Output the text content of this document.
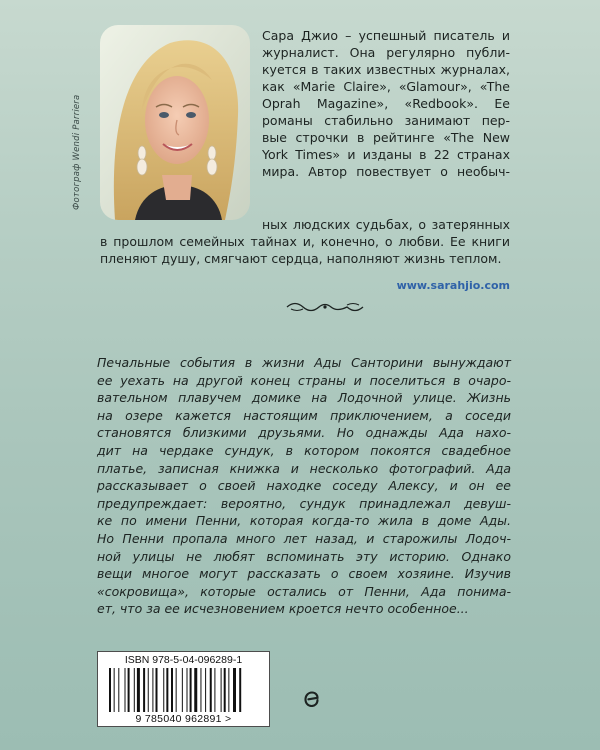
Фотограф Wendi Parriera

Сара Джио – успешный писатель и
журналист. Она регулярно публи-
куется в таких известных журналах,
как «Marie Claire», «Glamour», «The
Oprah Magazine», «Redbook». Ее
романы стабильно занимают пер-
вые строчки в рейтинге «The New
York Times» и изданы в 22 странах
мира. Автор повествует о необыч-

ных людских судьбах, о затерянных
в прошлом семейных тайнах и, конечно, о любви. Ее книги
пленяют душу, смягчают сердца, наполняют жизнь теплом.

www.sarahjio.com

Печальные события в жизни Ады Санторини вынуждают
ее уехать на другой конец страны и поселиться в очаро-
вательном плавучем домике на Лодочной улице. Жизнь
на озере кажется настоящим приключением, а соседи
становятся близкими друзьями. Но однажды Ада нахо-
дит на чердаке сундук, в котором покоятся свадебное
платье, записная книжка и несколько фотографий. Ада
рассказывает о своей находке соседу Алексу, и он ее
предупреждает: вероятно, сундук принадлежал девуш-
ке по имени Пенни, которая когда-то жила в доме Ады.
Но Пенни пропала много лет назад, и старожилы Лодоч-
ной улицы не любят вспоминать эту историю. Однако
вещи многое могут рассказать о своем хозяине. Изучив
«сокровища», которые остались от Пенни, Ада понима-
ет, что за ее исчезновением кроется нечто особенное...

ISBN 978-5-04-096289-1
9 785040 962891 >
